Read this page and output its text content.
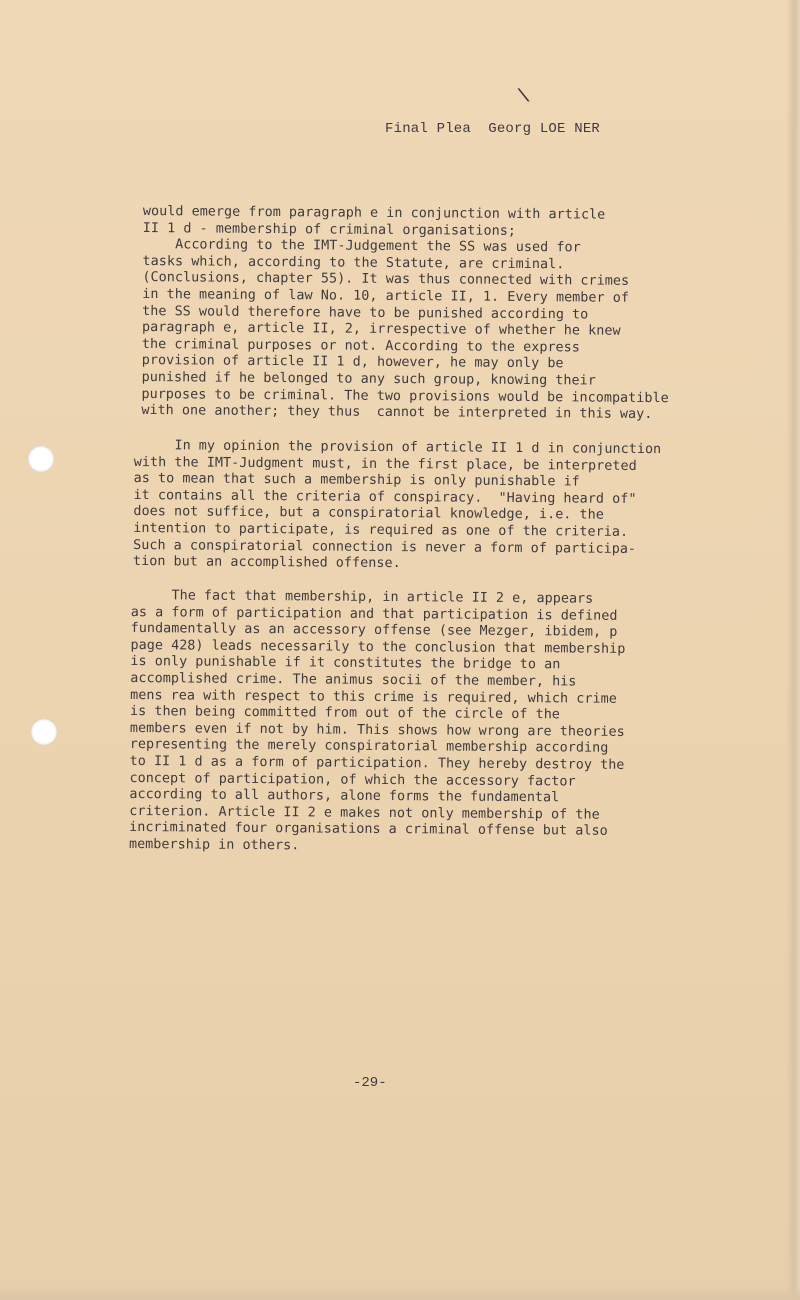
\
Final Plea  Georg LOE NER
would emerge from paragraph e in conjunction with article
II 1 d - membership of criminal organisations;
According to the IMT-Judgement the SS was used for
tasks which, according to the Statute, are criminal.
(Conclusions, chapter 55). It was thus connected with crimes
in the meaning of law No. 10, article II, 1. Every member of
the SS would therefore have to be punished according to
paragraph e, article II, 2, irrespective of whether he knew
the criminal purposes or not. According to the express
provision of article II 1 d, however, he may only be
punished if he belonged to any such group, knowing their
purposes to be criminal. The two provisions would be incompatible
with one another; they thus  cannot be interpreted in this way.
In my opinion the provision of article II 1 d in conjunction
with the IMT-Judgment must, in the first place, be interpreted
as to mean that such a membership is only punishable if
it contains all the criteria of conspiracy.  "Having heard of"
does not suffice, but a conspiratorial knowledge, i.e. the
intention to participate, is required as one of the criteria.
Such a conspiratorial connection is never a form of participa-
tion but an accomplished offense.
The fact that membership, in article II 2 e, appears
as a form of participation and that participation is defined
fundamentally as an accessory offense (see Mezger, ibidem, p
page 428) leads necessarily to the conclusion that membership
is only punishable if it constitutes the bridge to an
accomplished crime. The animus socii of the member, his
mens rea with respect to this crime is required, which crime
is then being committed from out of the circle of the
members even if not by him. This shows how wrong are theories
representing the merely conspiratorial membership according
to II 1 d as a form of participation. They hereby destroy the
concept of participation, of which the accessory factor
according to all authors, alone forms the fundamental
criterion. Article II 2 e makes not only membership of the
incriminated four organisations a criminal offense but also
membership in others.
-29-
